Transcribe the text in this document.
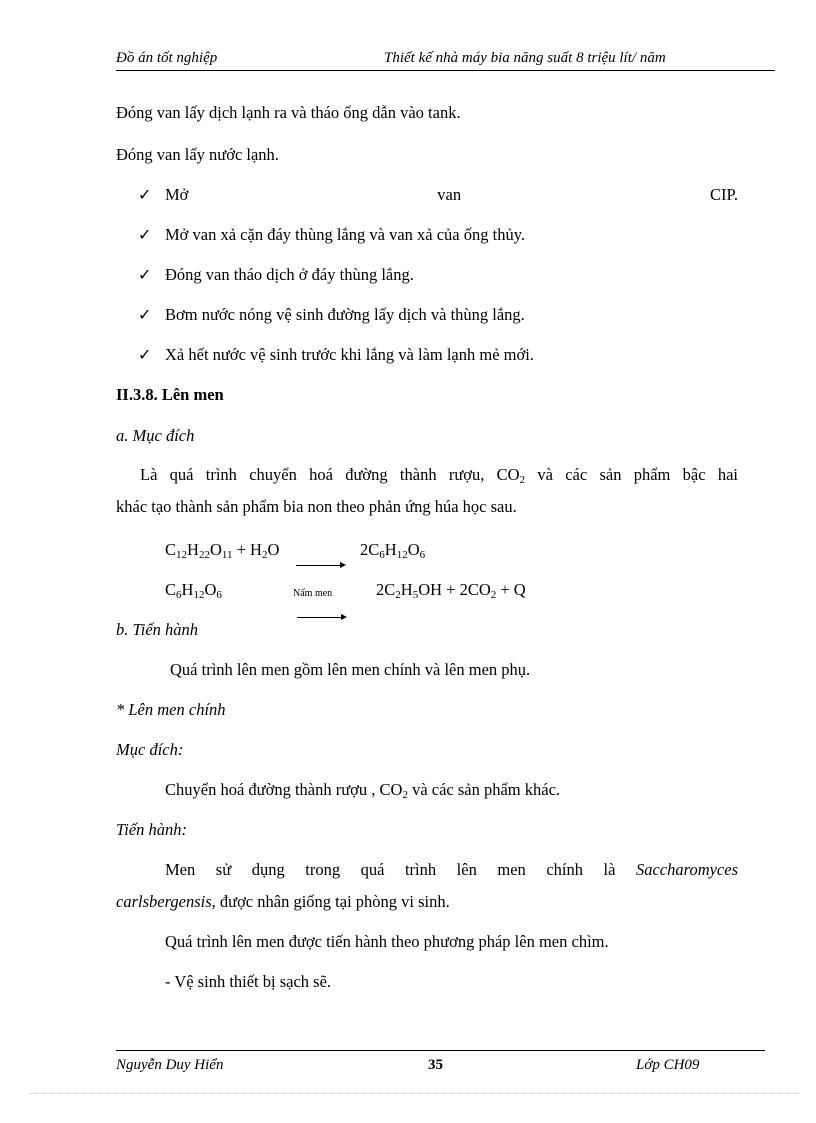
Đồ án tốt nghiệp	Thiết kế nhà máy bia năng suất 8 triệu lít/ năm
Đóng van lấy dịch lạnh ra và tháo ống dẫn vào tank.
Đóng van lấy nước lạnh.
✓ Mở	van	CIP.
✓ Mở van xả cặn đáy thùng lắng và van xả của ống thủy.
✓ Đóng van tháo dịch ở đáy thùng lắng.
✓ Bơm nước nóng vệ sinh đường lấy dịch và thùng lắng.
✓ Xả hết nước vệ sinh trước khi lắng và làm lạnh mẻ mới.
II.3.8. Lên men
a. Mục đích
Là quá trình chuyển hoá đường thành rượu, $CO_2$ và các sản phẩm bậc hai
khác tạo thành sản phẩm bia non theo phản ứng húa học sau.
$C_{12}H_{22}O_{11} + H_2O$	$2C_6H_{12}O_6$
$C_6H_{12}O_6$	Nấm men	$2C_2H_5OH + 2CO_2 + Q$
b. Tiến hành
Quá trình lên men gồm lên men chính và lên men phụ.
* Lên men chính
Mục đích:
Chuyển hoá đường thành rượu , $CO_2$ và các sản phẩm khác.
Tiến hành:
Men sử dụng trong quá trình lên men chính là Saccharomyces
carlsbergensis, được nhân giống tại phòng vi sinh.
Quá trình lên men được tiến hành theo phương pháp lên men chìm.
- Vệ sinh thiết bị sạch sẽ.
Nguyễn Duy Hiển	35	Lớp CH09
